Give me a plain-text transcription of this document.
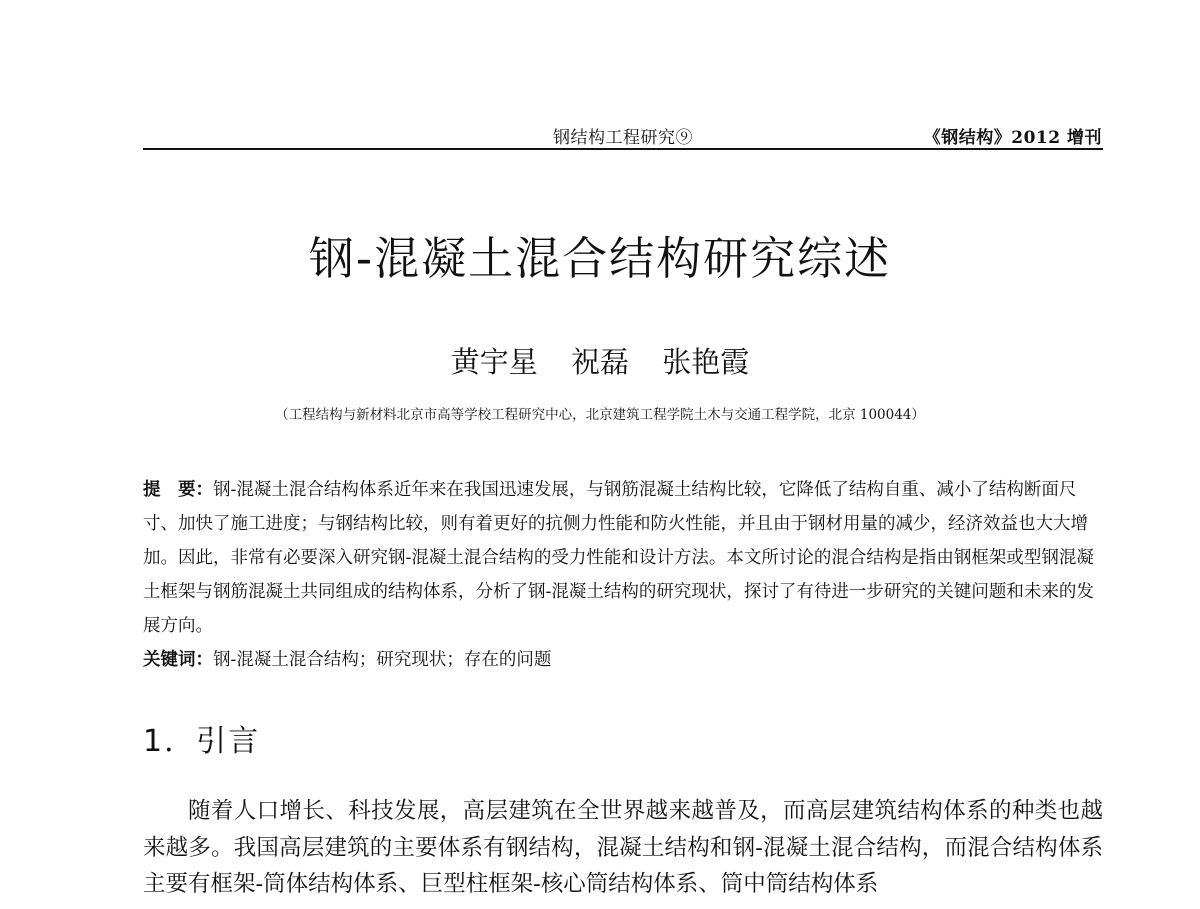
钢结构工程研究⑨	《钢结构》2012 增刊
钢-混凝土混合结构研究综述
黄宇星 祝磊 张艳霞
（工程结构与新材料北京市高等学校工程研究中心，北京建筑工程学院土木与交通工程学院，北京 100044）
提　要：钢-混凝土混合结构体系近年来在我国迅速发展，与钢筋混凝土结构比较，它降低了结构自重、减小了结构断面尺寸、加快了施工进度；与钢结构比较，则有着更好的抗侧力性能和防火性能，并且由于钢材用量的减少，经济效益也大大增加。因此，非常有必要深入研究钢-混凝土混合结构的受力性能和设计方法。本文所讨论的混合结构是指由钢框架或型钢混凝土框架与钢筋混凝土共同组成的结构体系，分析了钢-混凝土结构的研究现状，探讨了有待进一步研究的关键问题和未来的发展方向。
关键词：钢-混凝土混合结构；研究现状；存在的问题
1．引言

随着人口增长、科技发展，高层建筑在全世界越来越普及，而高层建筑结构体系的种类也越来越多。我国高层建筑的主要体系有钢结构，混凝土结构和钢-混凝土混合结构，而混合结构体系主要有框架-筒体结构体系、巨型柱框架-核心筒结构体系、筒中筒结构体系
